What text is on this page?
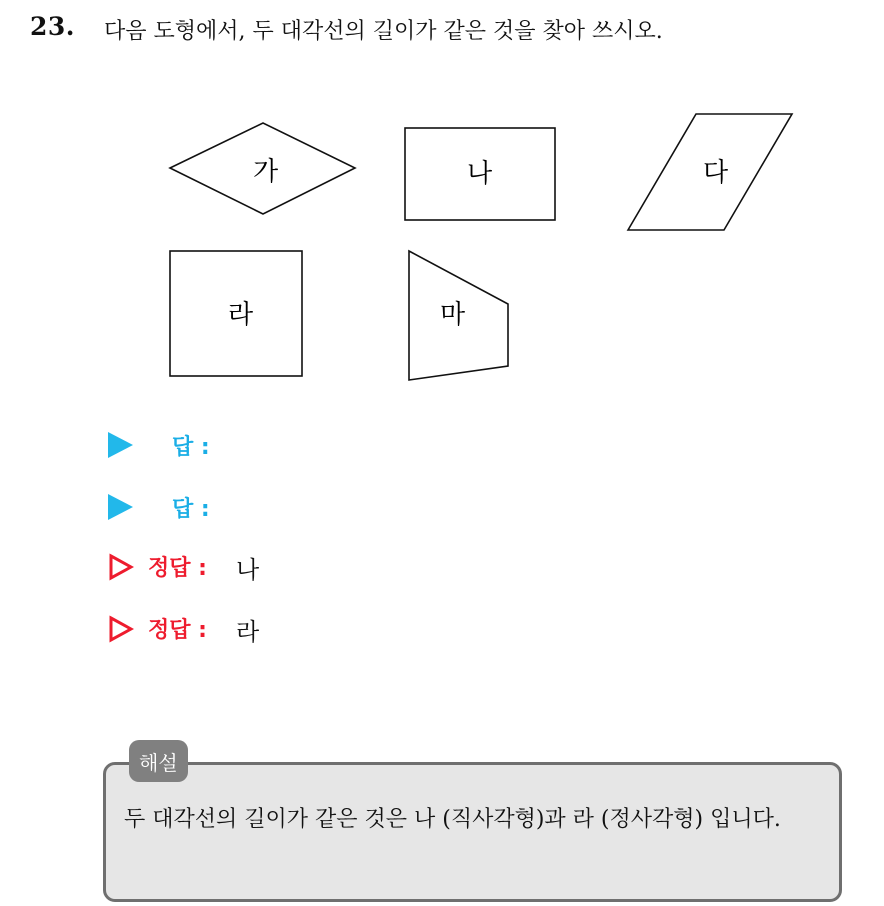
23. 다음 도형에서, 두 대각선의 길이가 같은 것을 찾아 쓰시오.
가	나	다
라	마
답 :
답 :
정답 : 나
정답 : 라
해설
두 대각선의 길이가 같은 것은 나 (직사각형)과 라 (정사각형) 입니다.
